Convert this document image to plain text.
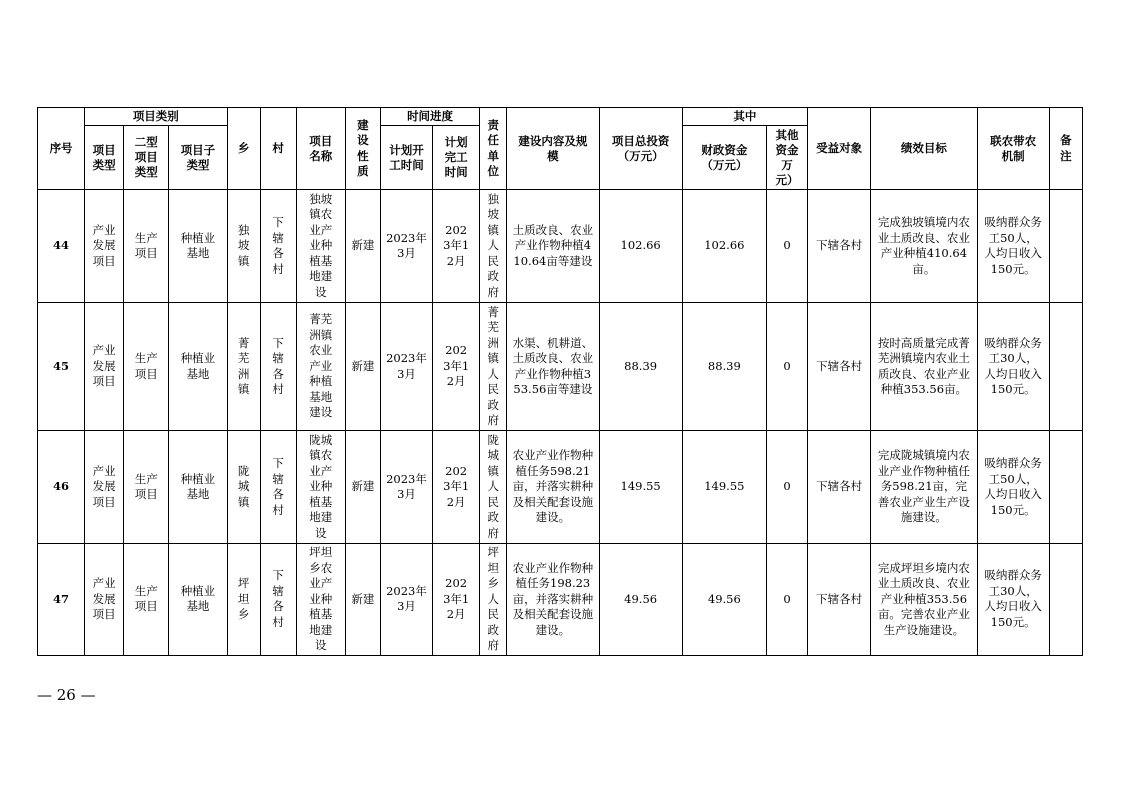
序号	项目类别			乡	村	项目名称	建设性质	时间进度		责任单位	建设内容及规模	项目总投资（万元）	其中		受益对象	绩效目标	联农带农机制	备注
	项目类型	二型项目类型	项目子类型					计划开工时间	计划完工时间				财政资金（万元）	其他资金万元）				
44	产业发展项目	生产项目	种植业基地	独坡镇	下辖各村	独坡镇农业产业种植基地建设	新建	2023年3月	2023年12月	独坡镇人民政府	土质改良、农业产业作物种植410.64亩等建设	102.66	102.66	0	下辖各村	完成独坡镇境内农业土质改良、农业产业种植410.64亩。	吸纳群众务工50人，人均日收入150元。	
45	产业发展项目	生产项目	种植业基地	菁芜洲镇	下辖各村	菁芜洲镇农业产业种植基地建设	新建	2023年3月	2023年12月	菁芜洲镇人民政府	水渠、机耕道、土质改良、农业产业作物种植353.56亩等建设	88.39	88.39	0	下辖各村	按时高质量完成菁芜洲镇境内农业土质改良、农业产业种植353.56亩。	吸纳群众务工30人，人均日收入150元。	
46	产业发展项目	生产项目	种植业基地	陇城镇	下辖各村	陇城镇农业产业种植基地建设	新建	2023年3月	2023年12月	陇城镇人民政府	农业产业作物种植任务598.21亩，并落实耕种及相关配套设施建设。	149.55	149.55	0	下辖各村	完成陇城镇境内农业产业作物种植任务598.21亩，完善农业产业生产设施建设。	吸纳群众务工50人，人均日收入150元。	
47	产业发展项目	生产项目	种植业基地	坪坦乡	下辖各村	坪坦乡农业产业种植基地建设	新建	2023年3月	2023年12月	坪坦乡人民政府	农业产业作物种植任务198.23亩，并落实耕种及相关配套设施建设。	49.56	49.56	0	下辖各村	完成坪坦乡境内农业土质改良、农业产业种植353.56亩。完善农业产业生产设施建设。	吸纳群众务工30人，人均日收入150元。	
— 26 —
